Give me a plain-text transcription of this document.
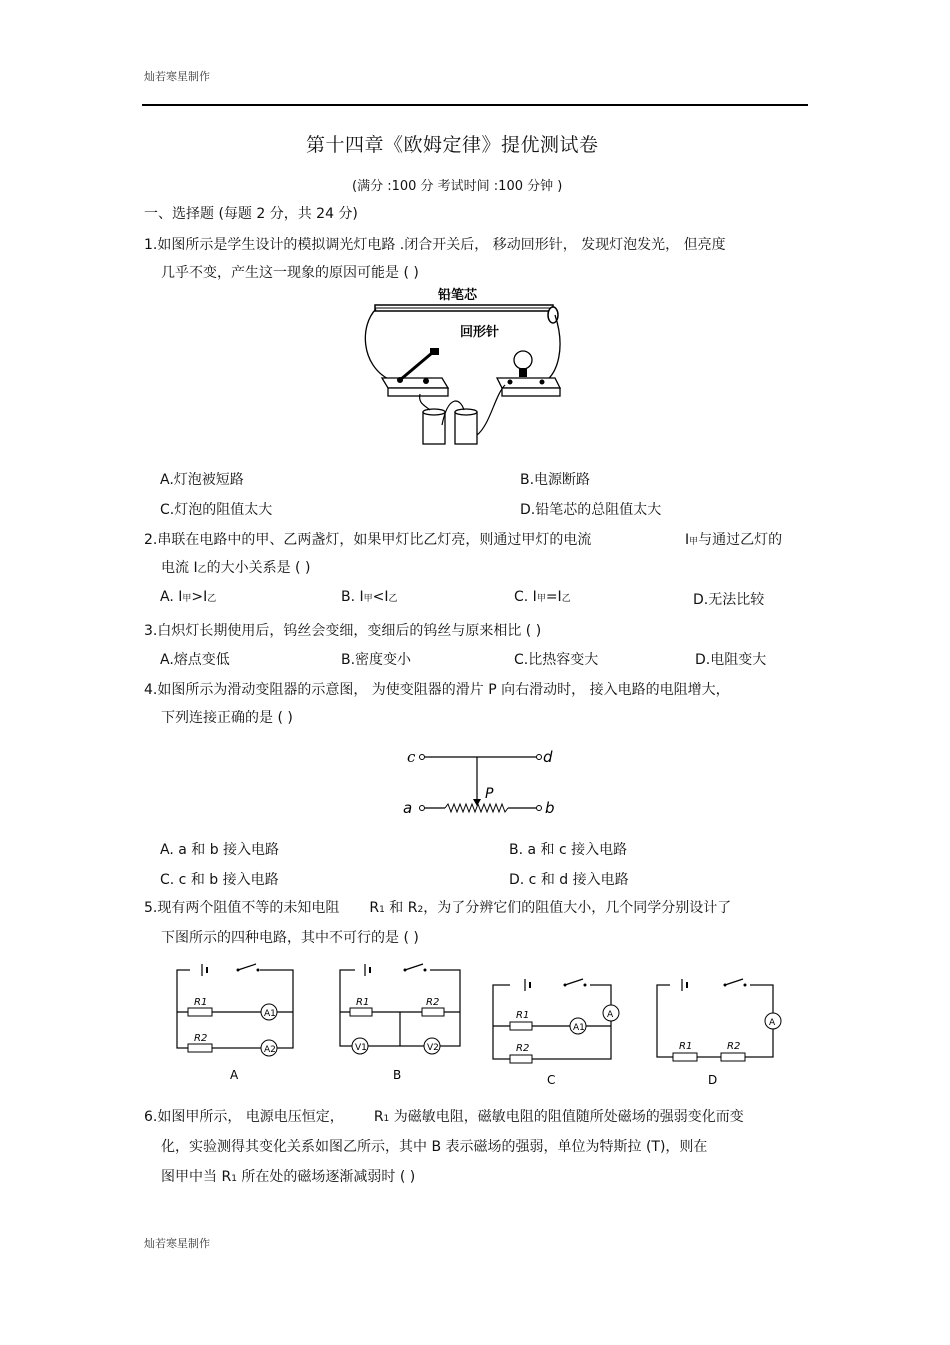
灿若寒星制作
第十四章《欧姆定律》提优测试卷
(满分 :100 分 考试时间 :100 分钟 )
一、选择题 (每题 2 分，共 24 分)
1.如图所示是学生设计的模拟调光灯电路 .闭合开关后， 移动回形针， 发现灯泡发光， 但亮度
几乎不变，产生这一现象的原因可能是 ( )
铅笔芯
回形针
A.灯泡被短路	B.电源断路
C.灯泡的阻值太大	D.铅笔芯的总阻值太大
2.串联在电路中的甲、乙两盏灯，如果甲灯比乙灯亮，则通过甲灯的电流	I甲与通过乙灯的
电流 I乙的大小关系是 ( )
A. I甲>I乙	B. I甲<I乙	C. I甲=I乙	D.无法比较
3.白炽灯长期使用后，钨丝会变细，变细后的钨丝与原来相比 ( )
A.熔点变低	B.密度变小	C.比热容变大	D.电阻变大
4.如图所示为滑动变阻器的示意图， 为使变阻器的滑片 P 向右滑动时， 接入电路的电阻增大，
下列连接正确的是 ( )
c	d
a	b
P
A. a 和 b 接入电路	B. a 和 c 接入电路
C. c 和 b 接入电路	D. c 和 d 接入电路
5.现有两个阻值不等的未知电阻 R1 和 R2，为了分辨它们的阻值大小，几个同学分别设计了
下图所示的四种电路，其中不可行的是 ( )
R1
R2
A1
A2
A
R1	R2
V1	V2
B
A
R1
A1
R2
C
A
R1	R2
D
6.如图甲所示， 电源电压恒定， R1 为磁敏电阻，磁敏电阻的阻值随所处磁场的强弱变化而变
化，实验测得其变化关系如图乙所示，其中 B 表示磁场的强弱，单位为特斯拉 (T)，则在
图甲中当 R1 所在处的磁场逐渐减弱时 ( )
灿若寒星制作
